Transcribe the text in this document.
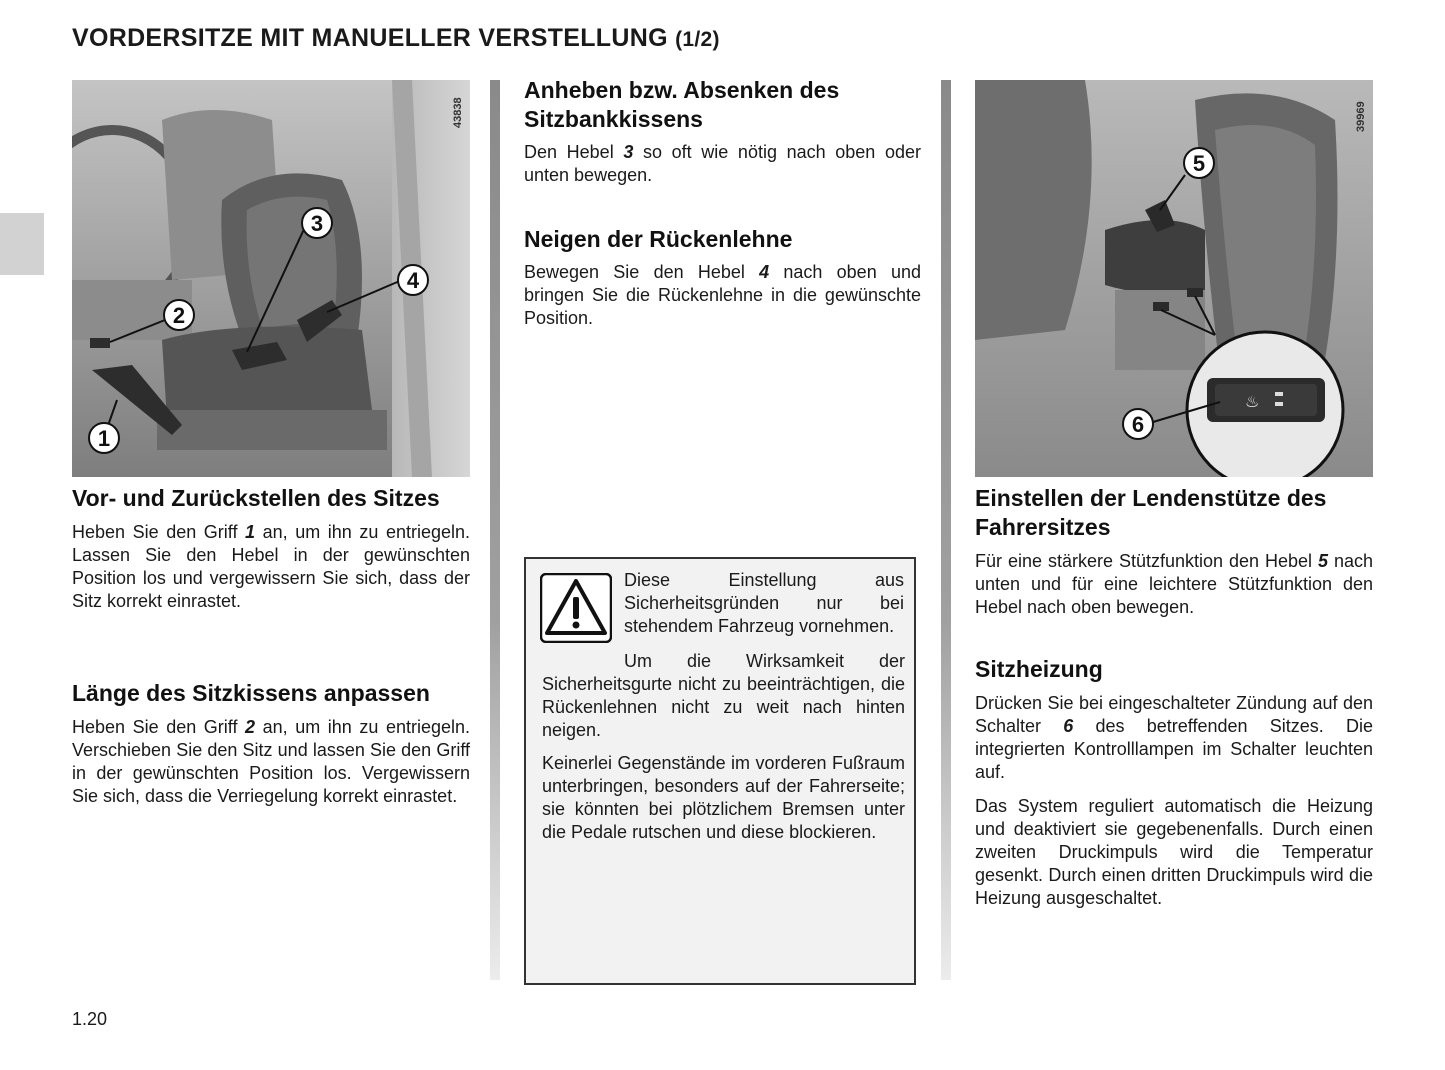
VORDERSITZE MIT MANUELLER VERSTELLUNG (1/2)
1
2
3
4
43838
♨
5
6
39969
Vor- und Zurückstellen des Sitzes

Heben Sie den Griff 1 an, um ihn zu entriegeln. Lassen Sie den Hebel in der gewünschten Position los und vergewissern Sie sich, dass der Sitz korrekt einrastet.

Länge des Sitzkissens anpassen

Heben Sie den Griff 2 an, um ihn zu entriegeln. Verschieben Sie den Sitz und lassen Sie den Griff in der gewünschten Position los. Vergewissern Sie sich, dass die Verriegelung korrekt einrastet.

1.20
Anheben bzw. Absenken des Sitzbankkissens

Den Hebel 3 so oft wie nötig nach oben oder unten bewegen.

Neigen der Rückenlehne

Bewegen Sie den Hebel 4 nach oben und bringen Sie die Rückenlehne in die gewünschte Position.

Diese Einstellung aus Sicherheitsgründen nur bei stehendem Fahrzeug vornehmen.

Um die Wirksamkeit der Sicherheitsgurte nicht zu beeinträchtigen, die Rückenlehnen nicht zu weit nach hinten neigen.

Keinerlei Gegenstände im vorderen Fußraum unterbringen, besonders auf der Fahrerseite; sie könnten bei plötzlichem Bremsen unter die Pedale rutschen und diese blockieren.

Einstellen der Lendenstütze des Fahrersitzes

Für eine stärkere Stützfunktion den Hebel 5 nach unten und für eine leichtere Stützfunktion den Hebel nach oben bewegen.

Sitzheizung

Drücken Sie bei eingeschalteter Zündung auf den Schalter 6 des betreffenden Sitzes. Die integrierten Kontrolllampen im Schalter leuchten auf.

Das System reguliert automatisch die Heizung und deaktiviert sie gegebenenfalls. Durch einen zweiten Druckimpuls wird die Temperatur gesenkt. Durch einen dritten Druckimpuls wird die Heizung ausgeschaltet.
